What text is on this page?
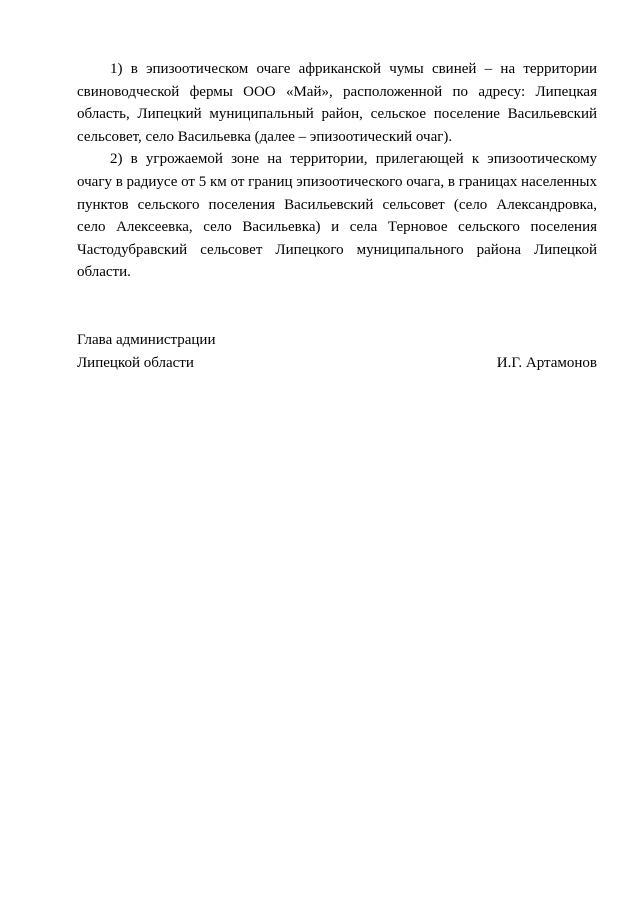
1) в эпизоотическом очаге африканской чумы свиней – на территории свиноводческой фермы ООО «Май», расположенной по адресу: Липецкая область, Липецкий муниципальный район, сельское поселение Васильевский сельсовет, село Васильевка (далее – эпизоотический очаг).

2) в угрожаемой зоне на территории, прилегающей к эпизоотическому очагу в радиусе от 5 км от границ эпизоотического очага, в границах населенных пунктов сельского поселения Васильевский сельсовет (село Александровка, село Алексеевка, село Васильевка) и села Терновое сельского поселения Частодубравский сельсовет Липецкого муниципального района Липецкой области.

Глава администрации
Липецкой области	И.Г. Артамонов
